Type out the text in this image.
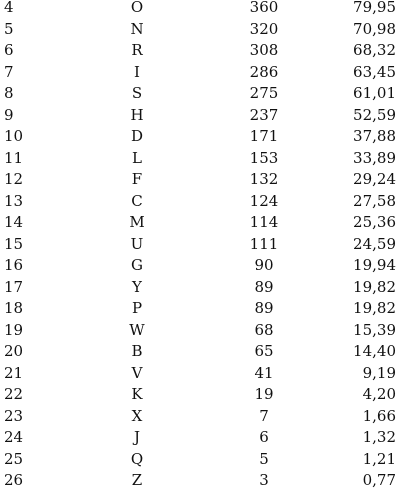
4	O	360	79,95
5	N	320	70,98
6	R	308	68,32
7	I	286	63,45
8	S	275	61,01
9	H	237	52,59
10	D	171	37,88
11	L	153	33,89
12	F	132	29,24
13	C	124	27,58
14	M	114	25,36
15	U	111	24,59
16	G	90	19,94
17	Y	89	19,82
18	P	89	19,82
19	W	68	15,39
20	B	65	14,40
21	V	41	9,19
22	K	19	4,20
23	X	7	1,66
24	J	6	1,32
25	Q	5	1,21
26	Z	3	0,77
